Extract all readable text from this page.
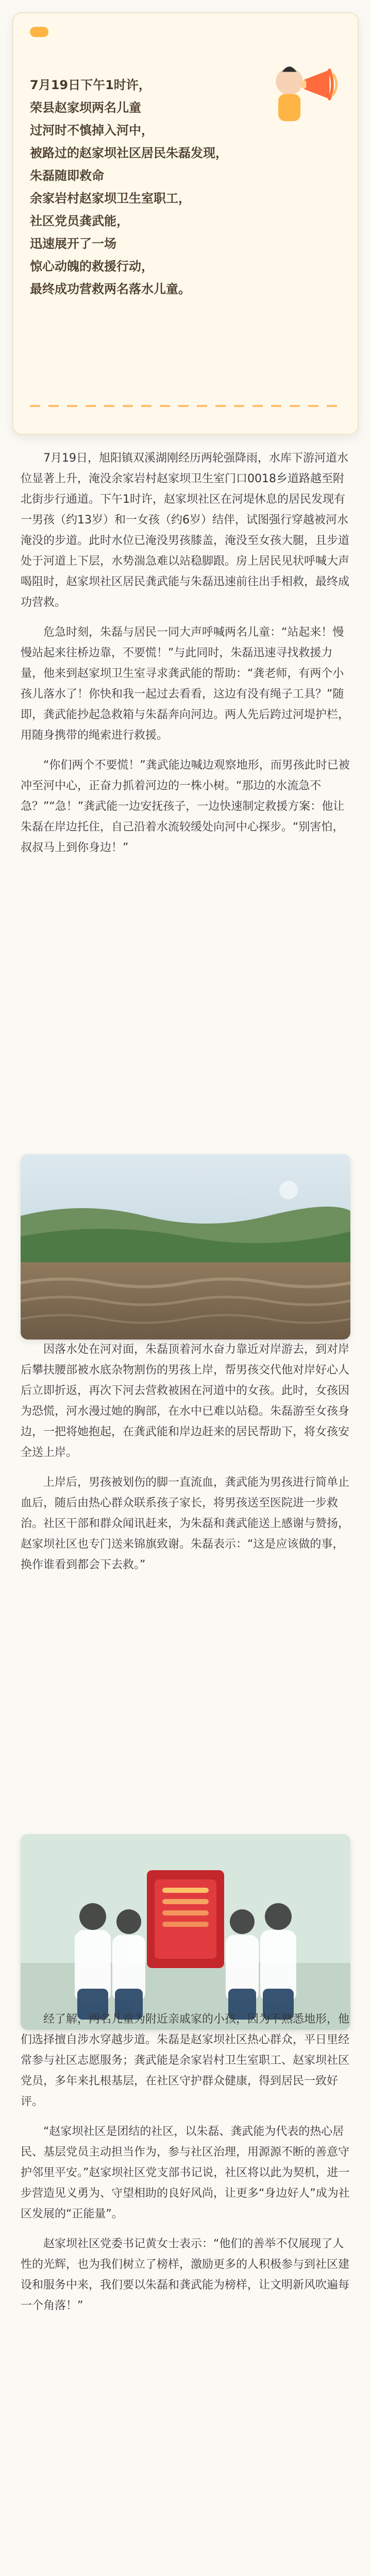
7月19日下午1时许，

荣县赵家坝两名儿童

过河时不慎掉入河中，

被路过的赵家坝社区居民朱磊发现，

朱磊随即救命

余家岩村赵家坝卫生室职工，

社区党员龚武能，

迅速展开了一场

惊心动魄的救援行动，

最终成功营救两名落水儿童。

7月19日，旭阳镇双溪湖刚经历两轮强降雨，水库下游河道水位显著上升，淹没余家岩村赵家坝卫生室门口0018乡道路越至附北街步行通道。下午1时许，赵家坝社区在河堤休息的居民发现有一男孩（约13岁）和一女孩（约6岁）结伴，试图强行穿越被河水淹没的步道。此时水位已淹没男孩膝盖，淹没至女孩大腿，且步道处于河道上下层，水势湍急难以站稳脚跟。房上居民见状呼喊大声喝阻时，赵家坝社区居民龚武能与朱磊迅速前往出手相救，最终成功营救。

危急时刻，朱磊与居民一同大声呼喊两名儿童：“站起来！慢慢站起来往桥边靠，不要慌！”与此同时，朱磊迅速寻找救援力量，他来到赵家坝卫生室寻求龚武能的帮助：“龚老师，有两个小孩儿落水了！你快和我一起过去看看，这边有没有绳子工具？”随即，龚武能抄起急救箱与朱磊奔向河边。两人先后跨过河堤护栏，用随身携带的绳索进行救援。

“你们两个不要慌！”龚武能边喊边观察地形，而男孩此时已被冲至河中心，正奋力抓着河边的一株小树。“那边的水流急不急？”“急！”龚武能一边安抚孩子，一边快速制定救援方案：他让朱磊在岸边托住，自己沿着水流较缓处向河中心探步。“别害怕，叔叔马上到你身边！”

因落水处在河对面，朱磊顶着河水奋力靠近对岸游去，到对岸后攀扶腰部被水底杂物割伤的男孩上岸，帮男孩交代他对岸好心人后立即折返，再次下河去营救被困在河道中的女孩。此时，女孩因为恐慌，河水漫过她的胸部，在水中已难以站稳。朱磊游至女孩身边，一把将她抱起，在龚武能和岸边赶来的居民帮助下，将女孩安全送上岸。

上岸后，男孩被划伤的脚一直流血，龚武能为男孩进行简单止血后，随后由热心群众联系孩子家长，将男孩送至医院进一步救治。社区干部和群众闻讯赶来，为朱磊和龚武能送上感谢与赞扬，赵家坝社区也专门送来锦旗致谢。朱磊表示：“这是应该做的事，换作谁看到都会下去救。”

经了解，两名儿童为附近亲戚家的小孩，因为不熟悉地形，他们选择擅自涉水穿越步道。朱磊是赵家坝社区热心群众，平日里经常参与社区志愿服务；龚武能是余家岩村卫生室职工、赵家坝社区党员，多年来扎根基层，在社区守护群众健康，得到居民一致好评。

“赵家坝社区是团结的社区，以朱磊、龚武能为代表的热心居民、基层党员主动担当作为，参与社区治理，用源源不断的善意守护邻里平安。”赵家坝社区党支部书记说，社区将以此为契机，进一步营造见义勇为、守望相助的良好风尚，让更多“身边好人”成为社区发展的“正能量”。

赵家坝社区党委书记黄女士表示：“他们的善举不仅展现了人性的光辉，也为我们树立了榜样，激励更多的人积极参与到社区建设和服务中来，我们要以朱磊和龚武能为榜样，让文明新风吹遍每一个角落！”
